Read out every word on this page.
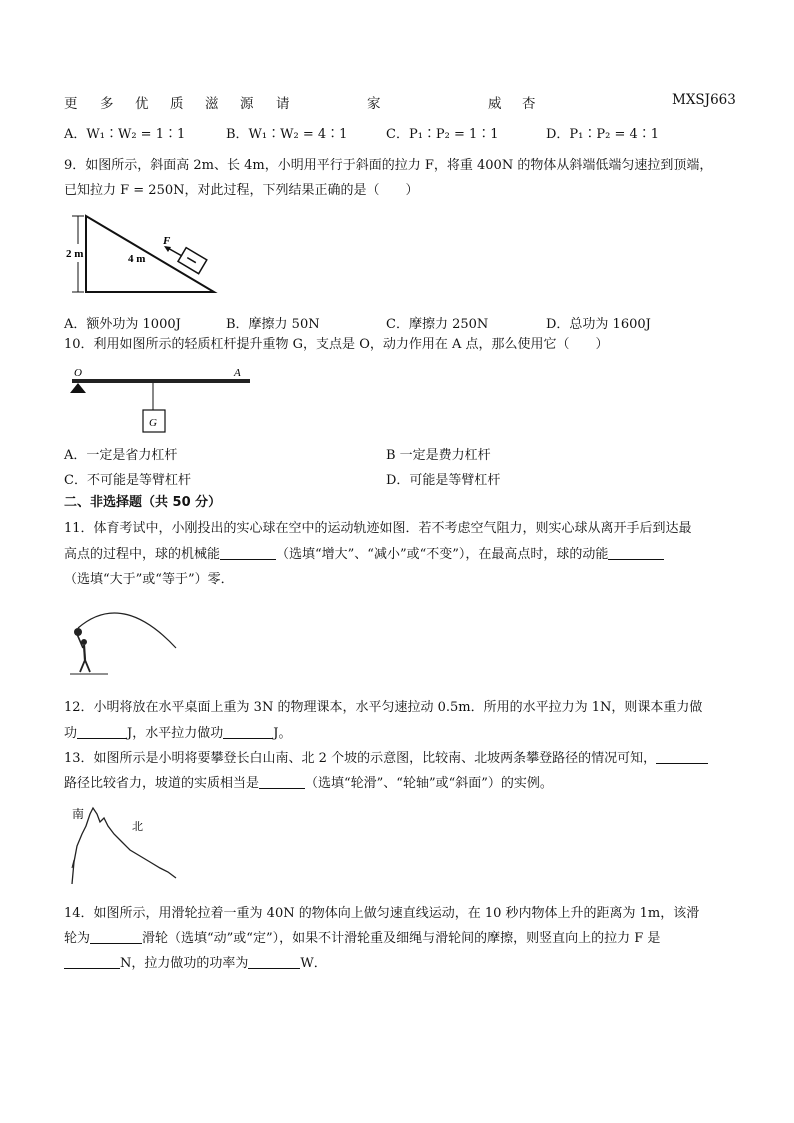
更 多 优 质 滋 源 请	家	威 杏	MXSJ663
A．W₁∶W₂ = 1∶1	B．W₁∶W₂ = 4∶1	C．P₁∶P₂ = 1∶1	D．P₁∶P₂ = 4∶1
9．如图所示，斜面高 2m、长 4m，小明用平行于斜面的拉力 F，将重 400N 的物体从斜端低端匀速拉到顶端，
已知拉力 F = 250N，对此过程，下列结果正确的是（　　）
2 m	4 m
F
A．额外功为 1000J	B．摩擦力 50N	C．摩擦力 250N	D．总功为 1600J
10．利用如图所示的轻质杠杆提升重物 G，支点是 O，动力作用在 A 点，那么使用它（　　）
O	A
G
A．一定是省力杠杆	B 一定是费力杠杆
C．不可能是等臂杠杆	D．可能是等臂杠杆
二、非选择题（共 50 分）
11．体育考试中，小刚投出的实心球在空中的运动轨迹如图．若不考虑空气阻力，则实心球从离开手后到达最
高点的过程中，球的机械能	（选填“增大”、“减小”或“不变”），在最高点时，球的动能
（选填“大于”或“等于”）零．
12．小明将放在水平桌面上重为 3N 的物理课本，水平匀速拉动 0.5m．所用的水平拉力为 1N，则课本重力做
功	J，水平拉力做功	J。
13．如图所示是小明将要攀登长白山南、北 2 个坡的示意图，比较南、北坡两条攀登路径的情况可知，
路径比较省力，坡道的实质相当是	（选填“轮滑”、“轮轴”或“斜面”）的实例。
南
北
14．如图所示，用滑轮拉着一重为 40N 的物体向上做匀速直线运动，在 10 秒内物体上升的距离为 1m，该滑
轮为	滑轮（选填“动”或“定”），如果不计滑轮重及细绳与滑轮间的摩擦，则竖直向上的拉力 F 是
N，拉力做功的功率为	W．
